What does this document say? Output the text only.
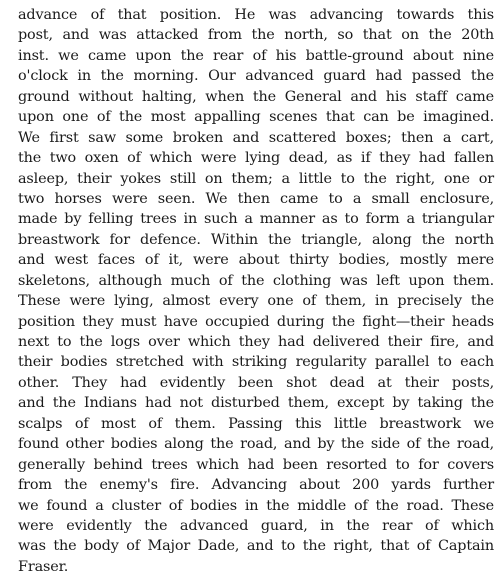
advance of that position. He was advancing towards this
post, and was attacked from the north, so that on the 20th
inst. we came upon the rear of his battle-ground about nine
o'clock in the morning. Our advanced guard had passed the
ground without halting, when the General and his staff came
upon one of the most appalling scenes that can be imagined.
We first saw some broken and scattered boxes; then a cart,
the two oxen of which were lying dead, as if they had fallen
asleep, their yokes still on them; a little to the right, one or
two horses were seen. We then came to a small enclosure,
made by felling trees in such a manner as to form a triangular
breastwork for defence. Within the triangle, along the north
and west faces of it, were about thirty bodies, mostly mere
skeletons, although much of the clothing was left upon them.
These were lying, almost every one of them, in precisely the
position they must have occupied during the fight—their heads
next to the logs over which they had delivered their fire, and
their bodies stretched with striking regularity parallel to each
other. They had evidently been shot dead at their posts,
and the Indians had not disturbed them, except by taking the
scalps of most of them. Passing this little breastwork we
found other bodies along the road, and by the side of the road,
generally behind trees which had been resorted to for covers
from the enemy's fire. Advancing about 200 yards further
we found a cluster of bodies in the middle of the road. These
were evidently the advanced guard, in the rear of which
was the body of Major Dade, and to the right, that of Captain
Fraser.
